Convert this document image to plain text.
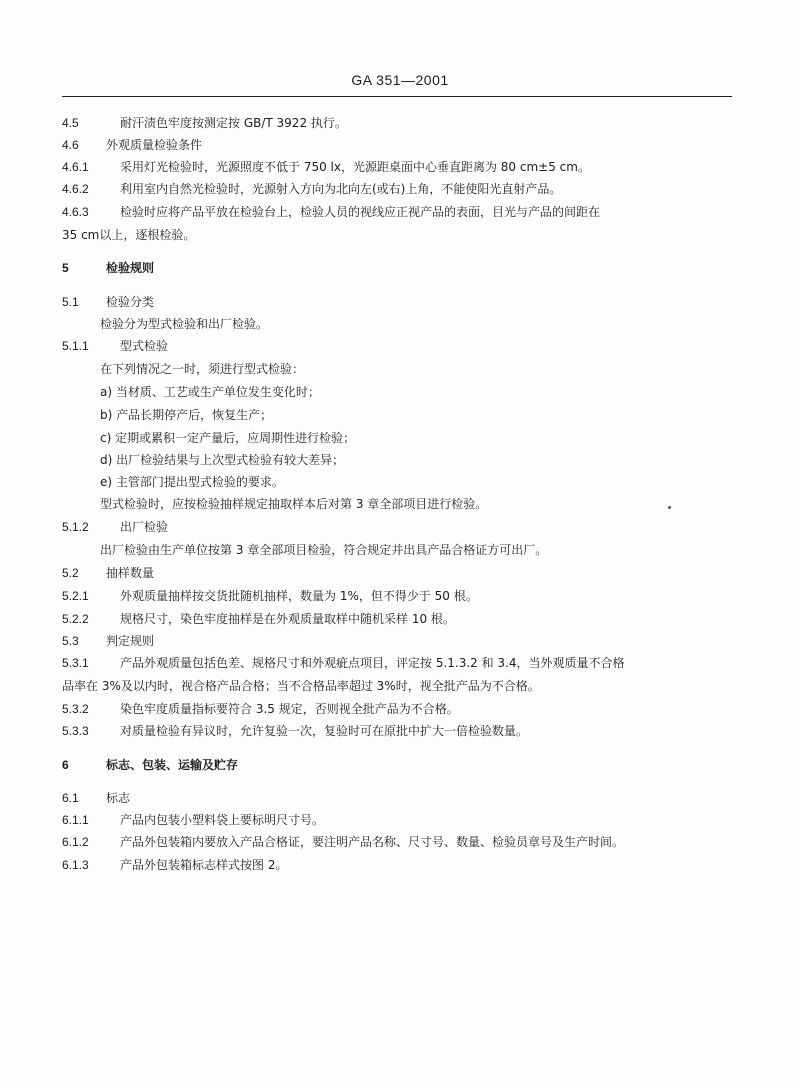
GA 351—2001
4.5	耐汗渍色牢度按测定按 GB/T 3922 执行。
4.6 外观质量检验条件
4.6.1	采用灯光检验时，光源照度不低于 750 lx，光源距桌面中心垂直距离为 80 cm±5 cm。
4.6.2	利用室内自然光检验时，光源射入方向为北向左(或右)上角，不能使阳光直射产品。
4.6.3	检验时应将产品平放在检验台上，检验人员的视线应正视产品的表面，目光与产品的间距在
35 cm以上，逐根检验。
5	检验规则
5.1 检验分类
检验分为型式检验和出厂检验。
5.1.1	型式检验
在下列情况之一时，须进行型式检验：
a) 当材质、工艺或生产单位发生变化时；
b) 产品长期停产后，恢复生产；
c) 定期或累积一定产量后，应周期性进行检验；
d) 出厂检验结果与上次型式检验有较大差异；
e) 主管部门提出型式检验的要求。
型式检验时，应按检验抽样规定抽取样本后对第 3 章全部项目进行检验。
5.1.2	出厂检验
出厂检验由生产单位按第 3 章全部项目检验，符合规定并出具产品合格证方可出厂。
5.2 抽样数量
5.2.1	外观质量抽样按交货批随机抽样，数量为 1%，但不得少于 50 根。
5.2.2	规格尺寸，染色牢度抽样是在外观质量取样中随机采样 10 根。
5.3 判定规则
5.3.1	产品外观质量包括色差、规格尺寸和外观疵点项目，评定按 5.1.3.2 和 3.4，当外观质量不合格
品率在 3%及以内时，视合格产品合格；当不合格品率超过 3%时，视全批产品为不合格。
5.3.2	染色牢度质量指标要符合 3.5 规定，否则视全批产品为不合格。
5.3.3	对质量检验有异议时，允许复验一次，复验时可在原批中扩大一倍检验数量。
6	标志、包装、运输及贮存
6.1 标志
6.1.1	产品内包装小塑料袋上要标明尺寸号。
6.1.2	产品外包装箱内要放入产品合格证，要注明产品名称、尺寸号、数量、检验员章号及生产时间。
6.1.3	产品外包装箱标志样式按图 2。
